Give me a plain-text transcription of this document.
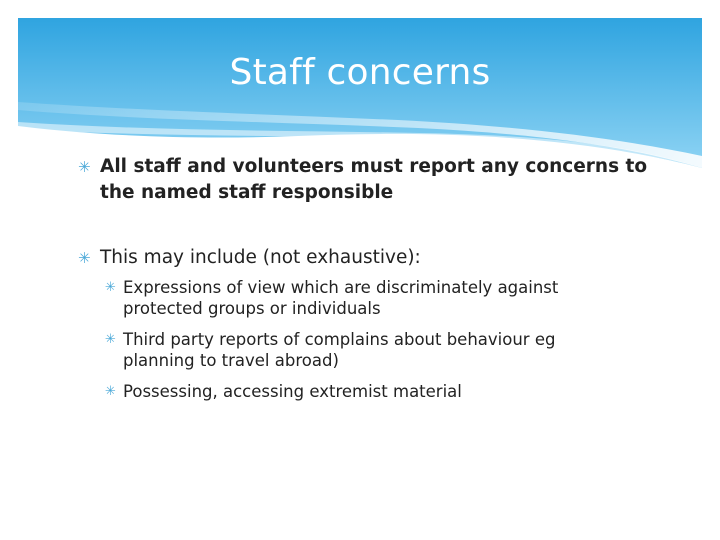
Staff concerns
✳ All staff and volunteers must report any concerns to the named staff responsible
✳ This may include (not exhaustive):
✳ Expressions of view which are discriminately against protected groups or individuals
✳ Third party reports of complains about behaviour eg planning to travel abroad)
✳ Possessing, accessing extremist material
